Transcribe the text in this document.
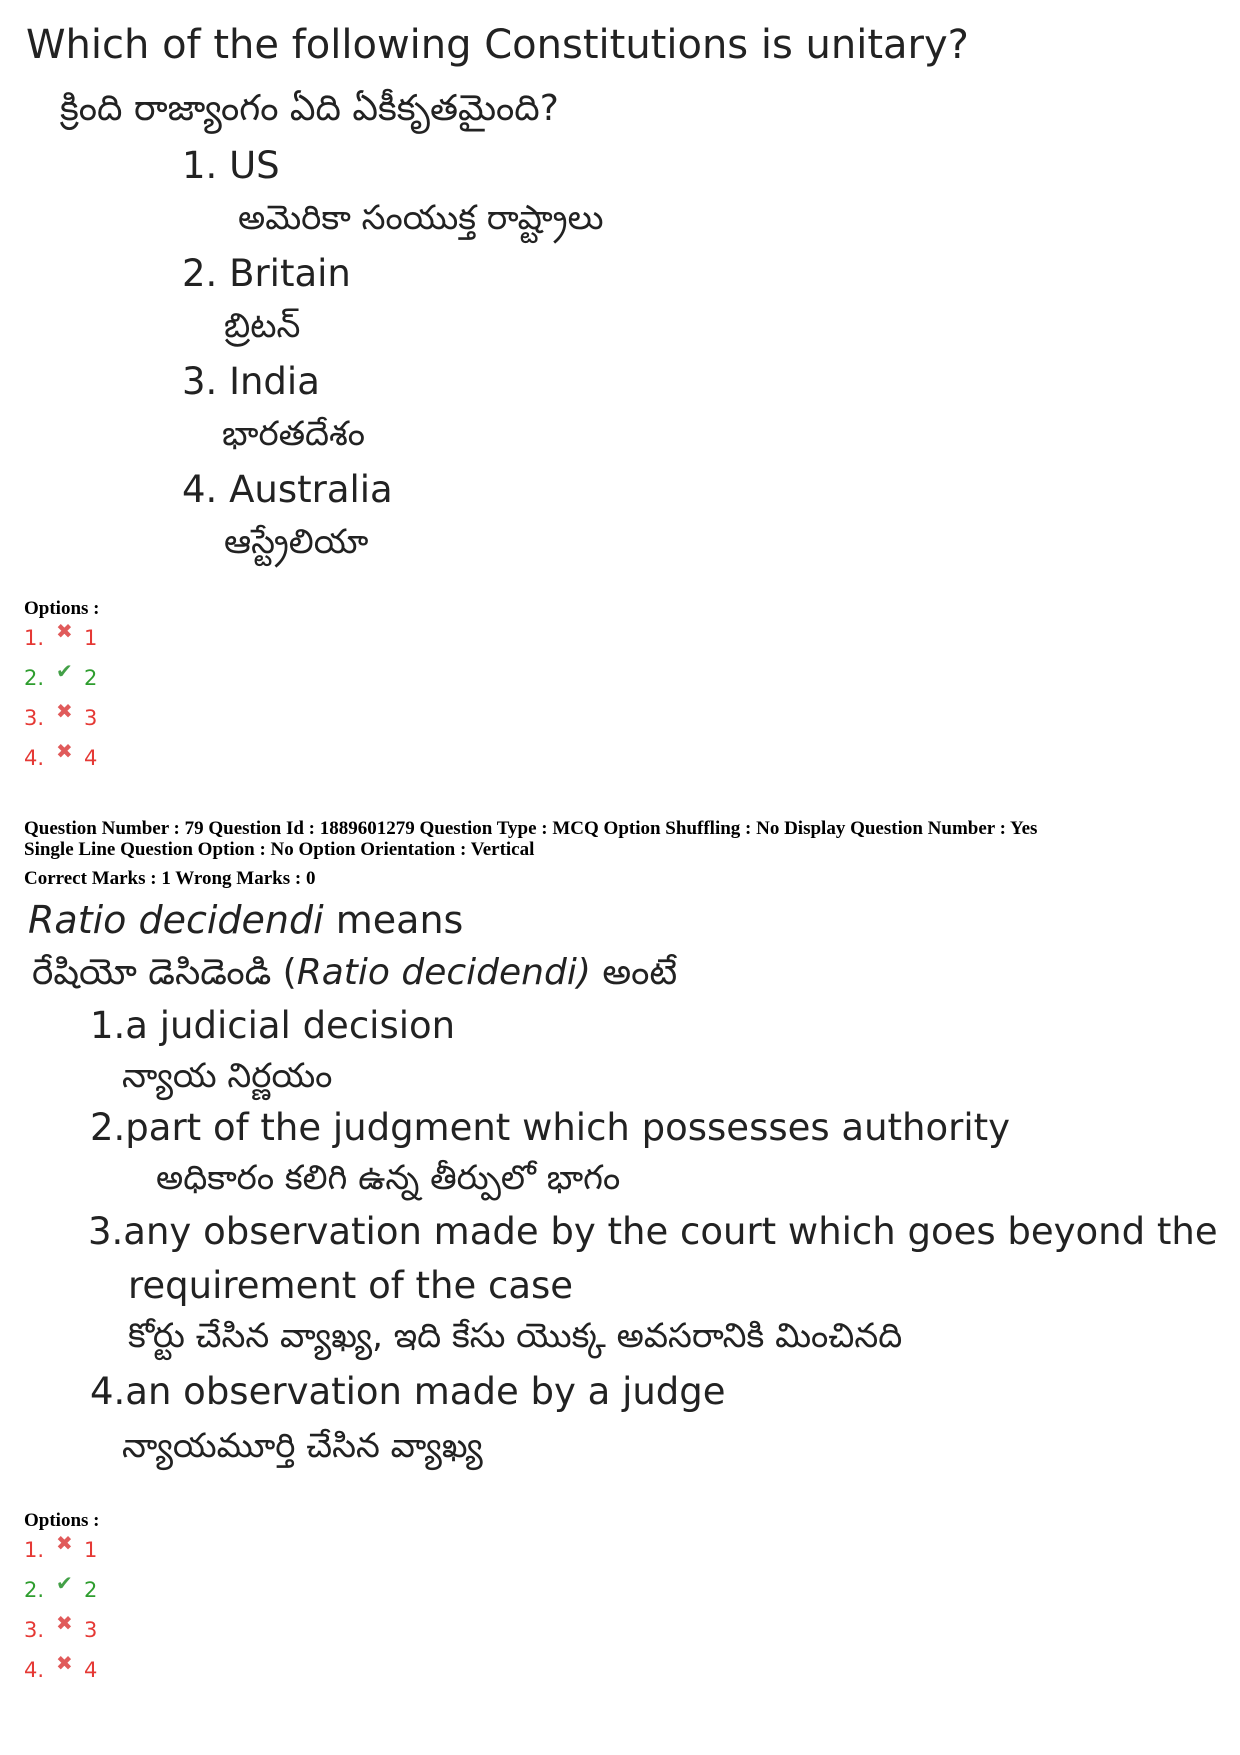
Which of the following Constitutions is unitary?
క్రింది రాజ్యాంగం ఏది ఏకీకృతమైంది?
1. US
అమెరికా సంయుక్త రాష్ట్రాలు
2. Britain
బ్రిటన్
3. India
భారతదేశం
4. Australia
ఆస్ట్రేలియా
Options :
1. ✖ 1
2. ✔ 2
3. ✖ 3
4. ✖ 4
Question Number : 79 Question Id : 1889601279 Question Type : MCQ Option Shuffling : No Display Question Number : Yes
Single Line Question Option : No Option Orientation : Vertical
Correct Marks : 1 Wrong Marks : 0
Ratio decidendi means
రేషియో డెసిడెండి (Ratio decidendi) అంటే
1.a judicial decision
న్యాయ నిర్ణయం
2.part of the judgment which possesses authority
అధికారం కలిగి ఉన్న తీర్పులో భాగం
3.any observation made by the court which goes beyond the
requirement of the case
కోర్టు చేసిన వ్యాఖ్య, ఇది కేసు యొక్క అవసరానికి మించినది
4.an observation made by a judge
న్యాయమూర్తి చేసిన వ్యాఖ్య
Options :
1. ✖ 1
2. ✔ 2
3. ✖ 3
4. ✖ 4
